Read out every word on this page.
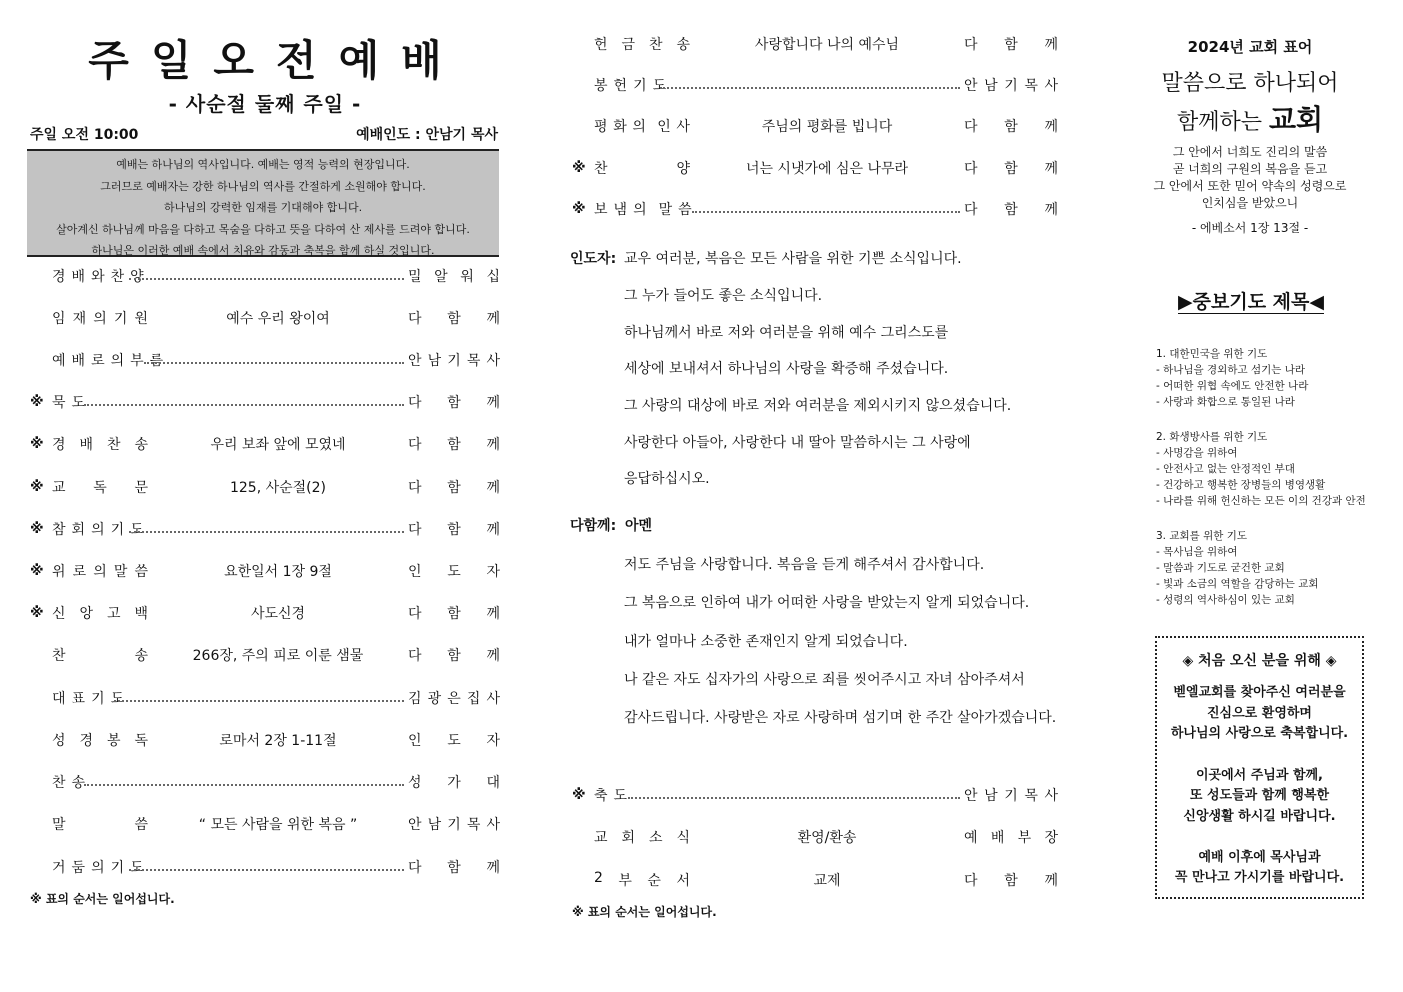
주일오전예배
- 사순절 둘째 주일 -
주일 오전 10:00	예배인도 : 안남기 목사
예배는 하나님의 역사입니다. 예배는 영적 능력의 현장입니다.
그러므로 예배자는 강한 하나님의 역사를 간절하게 소원해야 합니다.
하나님의 강력한 임재를 기대해야 합니다.
살아계신 하나님께 마음을 다하고 목숨을 다하고 뜻을 다하여 산 제사를 드려야 합니다.
하나님은 이러한 예배 속에서 치유와 감동과 축복을 함께 하실 것입니다.
경 배 와 찬 양	밀 알 워 십
임 재 의 기 원	예수 우리 왕이여	다 함 께
예 배 로 의 부 름	안 남 기 목 사
※ 묵 도	다 함 께
※ 경 배 찬 송	우리 보좌 앞에 모였네	다 함 께
※ 교 독 문	125, 사순절(2)	다 함 께
※ 참 회 의 기 도	다 함 께
※ 위 로 의 말 씀	요한일서 1장 9절	인 도 자
※ 신 앙 고 백	사도신경	다 함 께
찬	송	266장, 주의 피로 이룬 샘물	다 함 께
대 표 기 도	김 광 은 집 사
성 경 봉 독	로마서 2장 1-11절	인 도 자
찬 송	성 가 대
말	씀	“ 모든 사람을 위한 복음 ”	안 남 기 목 사
거 둠 의 기 도	다 함 께
※ 표의 순서는 일어섭니다.
헌 금 찬 송	사랑합니다 나의 예수님	다 함 께
봉 헌 기 도	안 남 기 목 사
평 화 의 인 사	주님의 평화를 빕니다	다 함 께
※ 찬	양	너는 시냇가에 심은 나무라	다 함 께
※ 보 냄 의 말 씀	다 함 께
인도자: 교우 여러분, 복음은 모든 사람을 위한 기쁜 소식입니다.
그 누가 들어도 좋은 소식입니다.
하나님께서 바로 저와 여러분을 위해 예수 그리스도를
세상에 보내셔서 하나님의 사랑을 확증해 주셨습니다.
그 사랑의 대상에 바로 저와 여러분을 제외시키지 않으셨습니다.
사랑한다 아들아, 사랑한다 내 딸아 말씀하시는 그 사랑에
응답하십시오.
다함께: 아멘
저도 주님을 사랑합니다. 복음을 듣게 해주셔서 감사합니다.
그 복음으로 인하여 내가 어떠한 사랑을 받았는지 알게 되었습니다.
내가 얼마나 소중한 존재인지 알게 되었습니다.
나 같은 자도 십자가의 사랑으로 죄를 씻어주시고 자녀 삼아주셔서
감사드립니다. 사랑받은 자로 사랑하며 섬기며 한 주간 살아가겠습니다.
※ 축 도	안 남 기 목 사
교 회 소 식	환영/환송	예 배 부 장
2 부 순 서	교제	다 함 께
※ 표의 순서는 일어섭니다.
2024년 교회 표어
말씀으로 하나되어
함께하는 교회
그 안에서 너희도 진리의 말씀
곧 너희의 구원의 복음을 듣고
그 안에서 또한 믿어 약속의 성령으로
인치심을 받았으니
- 에베소서 1장 13절 -
▶중보기도 제목◀
1. 대한민국을 위한 기도
- 하나님을 경외하고 섬기는 나라
- 어떠한 위협 속에도 안전한 나라
- 사랑과 화합으로 통일된 나라
2. 화생방사를 위한 기도
- 사명감을 위하여
- 안전사고 없는 안정적인 부대
- 건강하고 행복한 장병들의 병영생활
- 나라를 위해 헌신하는 모든 이의 건강과 안전
3. 교회를 위한 기도
- 목사님을 위하여
- 말씀과 기도로 굳건한 교회
- 빛과 소금의 역할을 감당하는 교회
- 성령의 역사하심이 있는 교회
◈ 처음 오신 분을 위해 ◈
벧엘교회를 찾아주신 여러분을
진심으로 환영하며
하나님의 사랑으로 축복합니다.
이곳에서 주님과 함께,
또 성도들과 함께 행복한
신앙생활 하시길 바랍니다.
예배 이후에 목사님과
꼭 만나고 가시기를 바랍니다.
